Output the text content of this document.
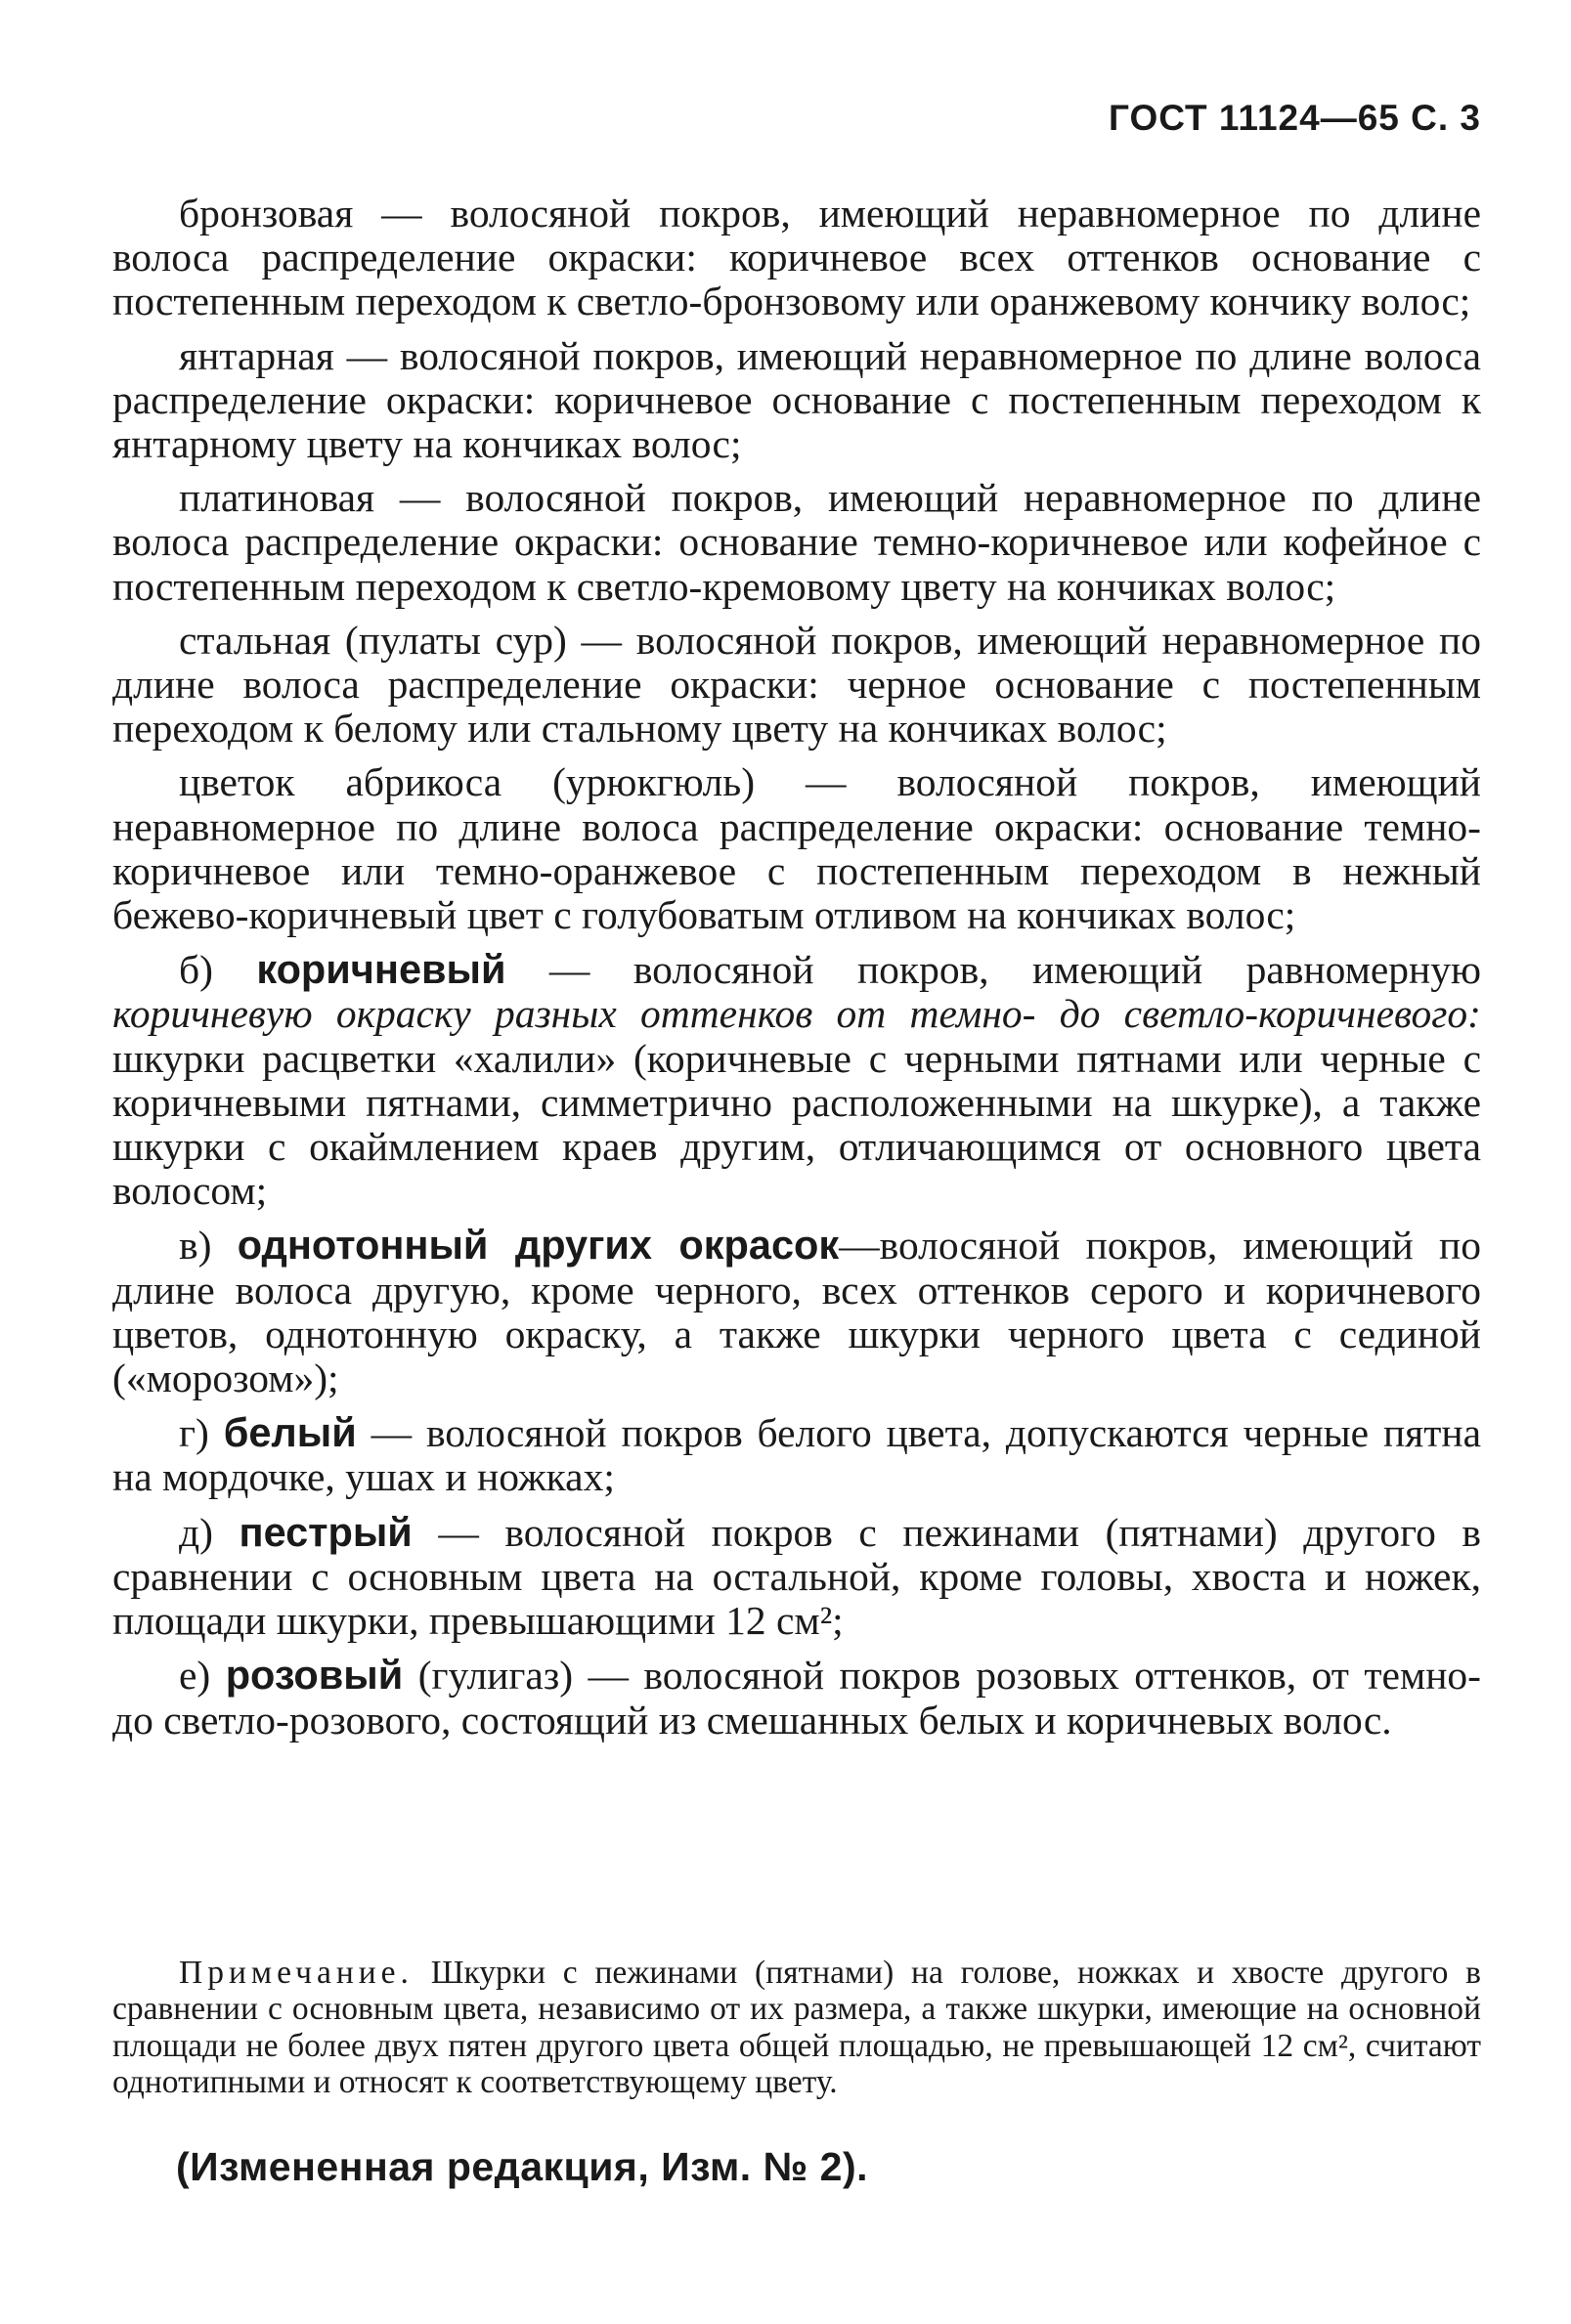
ГОСТ 11124—65 С. 3

бронзовая — волосяной покров, имеющий неравномерное по длине волоса распределение окраски: коричневое всех оттенков основание с постепенным переходом к светло-бронзовому или оранжевому кончику волос;

янтарная — волосяной покров, имеющий неравномерное по длине волоса распределение окраски: коричневое основание с постепенным переходом к янтарному цвету на кончиках волос;

платиновая — волосяной покров, имеющий неравномерное по длине волоса распределение окраски: основание темно-коричневое или кофейное с постепенным переходом к светло-кремовому цвету на кончиках волос;

стальная (пулаты сур) — волосяной покров, имеющий неравномерное по длине волоса распределение окраски: черное основание с постепенным переходом к белому или стальному цвету на кончиках волос;

цветок абрикоса (урюкгюль) — волосяной покров, имеющий неравномерное по длине волоса распределение окраски: основание темно-коричневое или темно-оранжевое с постепенным переходом в нежный бежево-коричневый цвет с голубоватым отливом на кончиках волос;

б) коричневый — волосяной покров, имеющий равномерную коричневую окраску разных оттенков от темно- до светло-коричневого: шкурки расцветки «халили» (коричневые с черными пятнами или черные с коричневыми пятнами, симметрично расположенными на шкурке), а также шкурки с окаймлением краев другим, отличающимся от основного цвета волосом;

в) однотонный других окрасок—волосяной покров, имеющий по длине волоса другую, кроме черного, всех оттенков серого и коричневого цветов, однотонную окраску, а также шкурки черного цвета с сединой («морозом»);

г) белый — волосяной покров белого цвета, допускаются черные пятна на мордочке, ушах и ножках;

д) пестрый — волосяной покров с пежинами (пятнами) другого в сравнении с основным цвета на остальной, кроме головы, хвоста и ножек, площади шкурки, превышающими 12 см²;

е) розовый (гулигаз) — волосяной покров розовых оттенков, от темно- до светло-розового, состоящий из смешанных белых и коричневых волос.

Примечание. Шкурки с пежинами (пятнами) на голове, ножках и хвосте другого в сравнении с основным цвета, независимо от их размера, а также шкурки, имеющие на основной площади не более двух пятен другого цвета общей площадью, не превышающей 12 см², считают однотипными и относят к соответствующему цвету.

(Измененная редакция, Изм. № 2).
